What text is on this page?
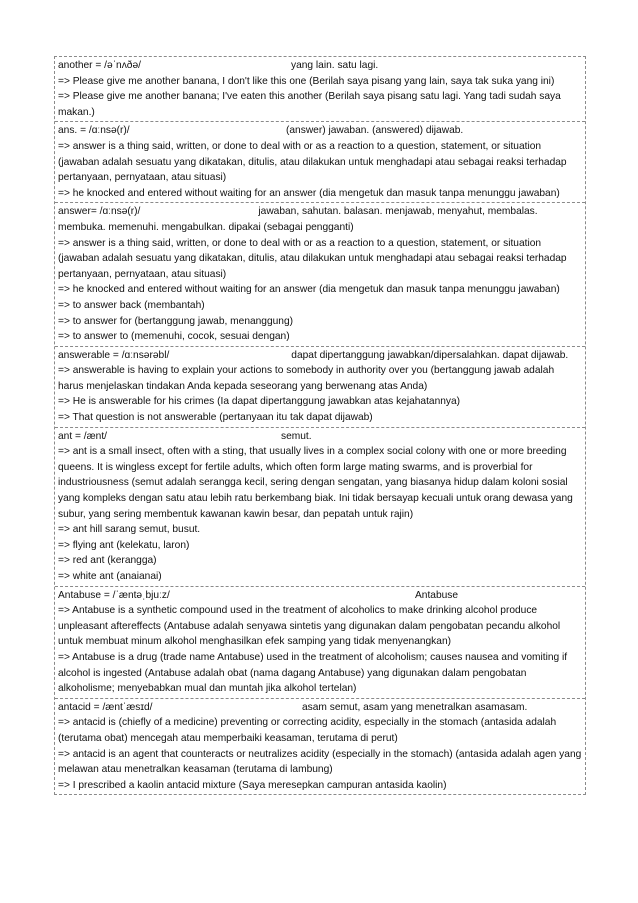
another = /əˈnʌðə/	yang lain. satu lagi.
=> Please give me another banana, I don't like this one (Berilah saya pisang yang lain, saya tak suka yang ini)
=> Please give me another banana; I've eaten this another (Berilah saya pisang satu lagi. Yang tadi sudah saya makan.)
ans. = /ɑːnsə(r)/	(answer) jawaban. (answered) dijawab.
=> answer is a thing said, written, or done to deal with or as a reaction to a question, statement, or situation (jawaban adalah sesuatu yang dikatakan, ditulis, atau dilakukan untuk menghadapi atau sebagai reaksi terhadap pertanyaan, pernyataan, atau situasi)
=> he knocked and entered without waiting for an answer (dia mengetuk dan masuk tanpa menunggu jawaban)
answer= /ɑːnsə(r)/	jawaban, sahutan. balasan. menjawab, menyahut, membalas. membuka. memenuhi. mengabulkan. dipakai (sebagai pengganti)
=> answer is a thing said, written, or done to deal with or as a reaction to a question, statement, or situation (jawaban adalah sesuatu yang dikatakan, ditulis, atau dilakukan untuk menghadapi atau sebagai reaksi terhadap pertanyaan, pernyataan, atau situasi)
=> he knocked and entered without waiting for an answer (dia mengetuk dan masuk tanpa menunggu jawaban)
=> to answer back (membantah)
=> to answer for (bertanggung jawab, menanggung)
=> to answer to (memenuhi, cocok, sesuai dengan)
answerable = /ɑːnsərəbl/	dapat dipertanggung jawabkan/dipersalahkan. dapat dijawab.
=> answerable is having to explain your actions to somebody in authority over you (bertanggung jawab adalah harus menjelaskan tindakan Anda kepada seseorang yang berwenang atas Anda)
=> He is answerable for his crimes (Ia dapat dipertanggung jawabkan atas kejahatannya)
=> That question is not answerable (pertanyaan itu tak dapat dijawab)
ant = /ænt/	semut.
=> ant is a small insect, often with a sting, that usually lives in a complex social colony with one or more breeding queens. It is wingless except for fertile adults, which often form large mating swarms, and is proverbial for industriousness (semut adalah serangga kecil, sering dengan sengatan, yang biasanya hidup dalam koloni sosial yang kompleks dengan satu atau lebih ratu berkembang biak. Ini tidak bersayap kecuali untuk orang dewasa yang subur, yang sering membentuk kawanan kawin besar, dan pepatah untuk rajin)
=> ant hill sarang semut, busut.
=> flying ant (kelekatu, laron)
=> red ant (kerangga)
=> white ant (anaianai)
Antabuse = /ˈæntəˌbjuːz/	Antabuse
=> Antabuse is a synthetic compound used in the treatment of alcoholics to make drinking alcohol produce unpleasant aftereffects (Antabuse adalah senyawa sintetis yang digunakan dalam pengobatan pecandu alkohol untuk membuat minum alkohol menghasilkan efek samping yang tidak menyenangkan)
=> Antabuse is a drug (trade name Antabuse) used in the treatment of alcoholism; causes nausea and vomiting if alcohol is ingested (Antabuse adalah obat (nama dagang Antabuse) yang digunakan dalam pengobatan alkoholisme; menyebabkan mual dan muntah jika alkohol tertelan)
antacid = /æntˈæsɪd/	asam semut, asam yang menetralkan asamasam.
=> antacid is (chiefly of a medicine) preventing or correcting acidity, especially in the stomach (antasida adalah (terutama obat) mencegah atau memperbaiki keasaman, terutama di perut)
=> antacid is an agent that counteracts or neutralizes acidity (especially in the stomach) (antasida adalah agen yang melawan atau menetralkan keasaman (terutama di lambung)
=> I prescribed a kaolin antacid mixture (Saya meresepkan campuran antasida kaolin)
